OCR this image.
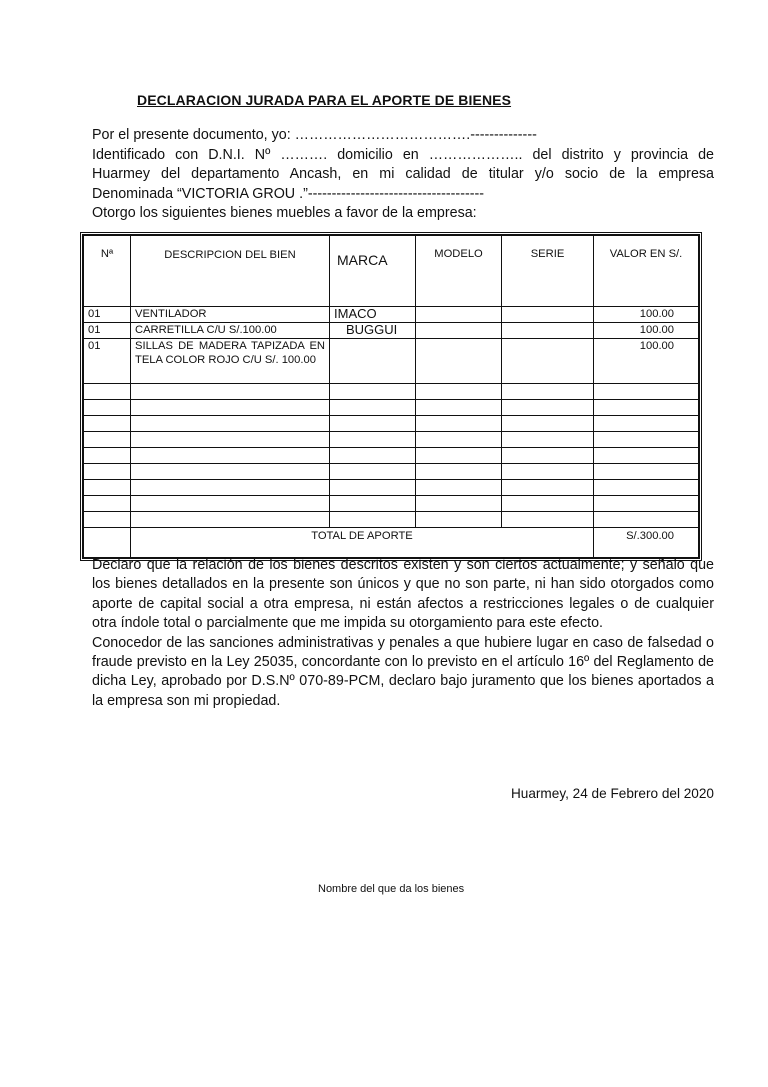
DECLARACION JURADA PARA EL APORTE DE BIENES

Por el presente documento, yo: ……………………………….--------------

Identificado con D.N.I. Nº ………. domicilio en ……………….. del distrito y provincia de

Huarmey del departamento Ancash, en mi calidad de titular y/o socio de la empresa

Denominada “VICTORIA GROU .”-------------------------------------

Otorgo los siguientes bienes muebles a favor de la empresa:

Nª	DESCRIPCION DEL BIEN	MARCA	MODELO	SERIE	VALOR EN S/.
01	VENTILADOR	IMACO			100.00
01	CARRETILLA C/U S/.100.00	BUGGUI			100.00
01	SILLAS DE MADERA TAPIZADA EN TELA COLOR ROJO C/U S/. 100.00				100.00

	TOTAL DE APORTE				S/.300.00

Declaro que la relación de los bienes descritos existen y son ciertos actualmente; y señalo que los bienes detallados en la presente son únicos y que no son parte, ni han sido otorgados como aporte de capital social a otra empresa, ni están afectos a restricciones legales o de cualquier otra índole total o parcialmente que me impida su otorgamiento para este efecto.

Conocedor de las sanciones administrativas y penales a que hubiere lugar en caso de falsedad o fraude previsto en la Ley 25035, concordante con lo previsto en el artículo 16º del Reglamento de dicha Ley, aprobado por D.S.Nº 070-89-PCM, declaro bajo juramento que los bienes aportados a la empresa son mi propiedad.

Huarmey, 24 de Febrero del 2020
Nombre del que da los bienes
